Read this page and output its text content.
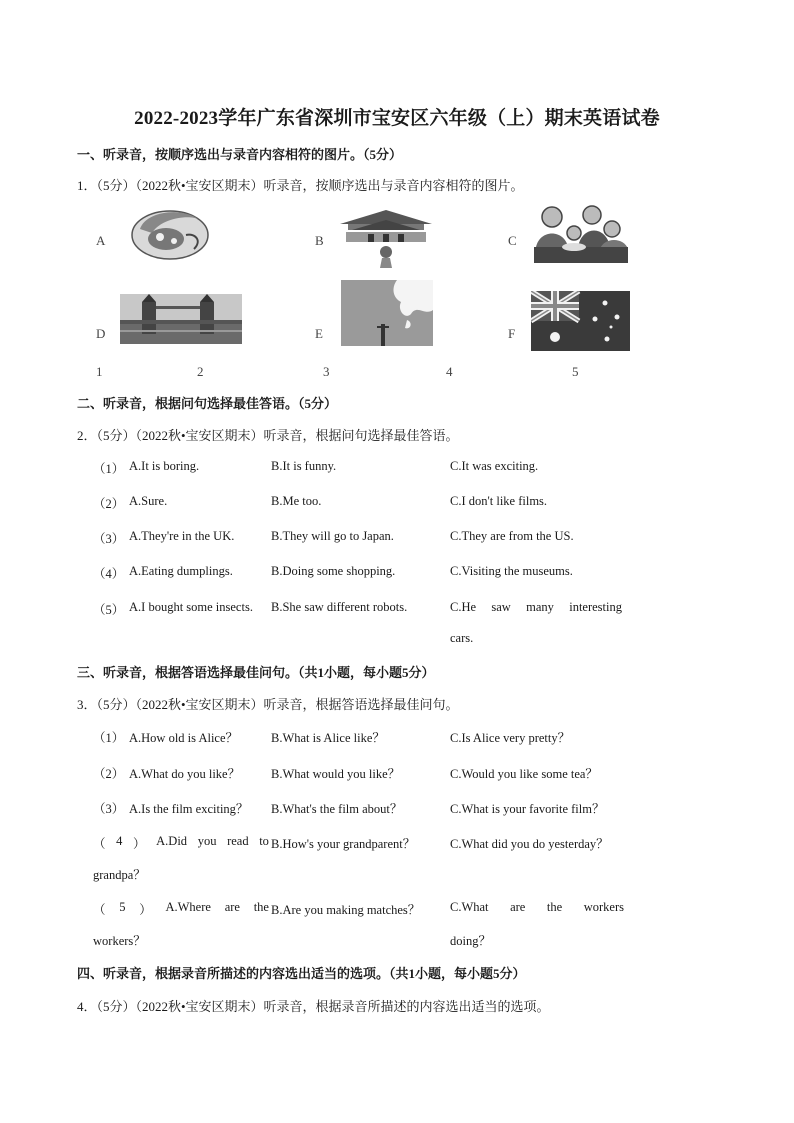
2022-2023学年广东省深圳市宝安区六年级（上）期末英语试卷
一、听录音，按顺序选出与录音内容相符的图片。（5分）
1．（5分）（2022秋•宝安区期末）听录音，按顺序选出与录音内容相符的图片。
A	B	C
D	E	F
1	2	3	4	5
二、听录音，根据问句选择最佳答语。（5分）
2．（5分）（2022秋•宝安区期末）听录音，根据问句选择最佳答语。
（1） A.It is boring.	B.It is funny.	C.It was exciting.
（2） A.Sure.	B.Me too.	C.I don't like films.
（3） A.They're in the UK.	B.They will go to Japan.	C.They are from the US.
（4） A.Eating dumplings.	B.Doing some shopping.	C.Visiting the museums.
（5） A.I bought some insects. B.She saw different robots.	C.He saw many interesting
cars.
三、听录音，根据答语选择最佳问句。（共1小题，每小题5分）
3．（5分）（2022秋•宝安区期末）听录音，根据答语选择最佳问句。
（1） A.How old is Alice？	B.What is Alice like？	C.Is Alice very pretty？
（2） A.What do you like？ B.What would you like？	C.Would you like some tea？
（3） A.Is the film exciting？ B.What's the film about？	C.What is your favorite film？
（ 4 ） A.Did you read to B.How's your grandparent？	C.What did you do yesterday？
grandpa？
（ 5 ） A.Where are the B.Are you making matches？ C.What are the workers
workers？	doing？
四、听录音，根据录音所描述的内容选出适当的选项。（共1小题，每小题5分）
4．（5分）（2022秋•宝安区期末）听录音，根据录音所描述的内容选出适当的选项。
